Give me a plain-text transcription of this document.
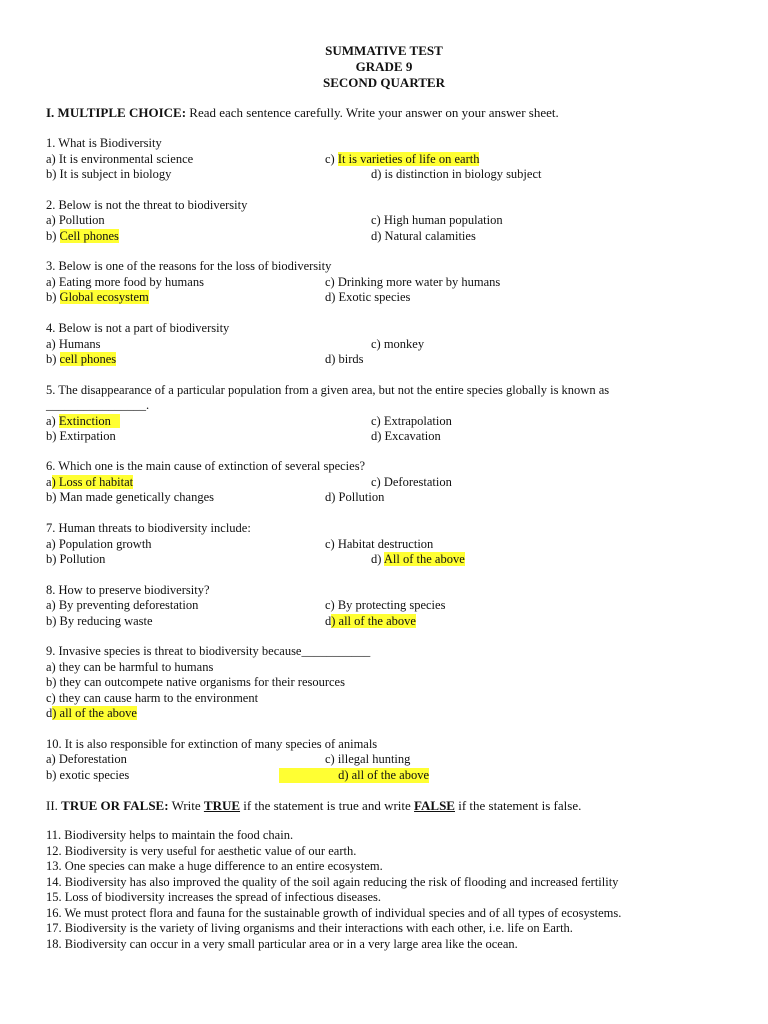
SUMMATIVE TEST
GRADE 9
SECOND QUARTER
I. MULTIPLE CHOICE: Read each sentence carefully. Write your answer on your answer sheet.
1. What is Biodiversity
a) It is environmental science	c) It is varieties of life on earth
b) It is subject in biology	d) is distinction in biology subject
2. Below is not the threat to biodiversity
a) Pollution	c) High human population
b) Cell phones	d) Natural calamities
3. Below is one of the reasons for the loss of biodiversity
a) Eating more food by humans	c) Drinking more water by humans
b) Global ecosystem	d) Exotic species
4. Below is not a part of biodiversity
a) Humans	c) monkey
b) cell phones	d) birds
5. The disappearance of a particular population from a given area, but not the entire species globally is known as
________________.
a) Extinction	c) Extrapolation
b) Extirpation	d) Excavation
6. Which one is the main cause of extinction of several species?
a) Loss of habitat	c) Deforestation
b) Man made genetically changes	d) Pollution
7. Human threats to biodiversity include:
a) Population growth	c) Habitat destruction
b) Pollution	d) All of the above
8. How to preserve biodiversity?
a) By preventing deforestation	c) By protecting species
b) By reducing waste	d) all of the above
9. Invasive species is threat to biodiversity because___________
a) they can be harmful to humans
b) they can outcompete native organisms for their resources
c) they can cause harm to the environment
d) all of the above
10. It is also responsible for extinction of many species of animals
a) Deforestation	c) illegal hunting
b) exotic species	d) all of the above
II. TRUE OR FALSE: Write TRUE if the statement is true and write FALSE if the statement is false.
11. Biodiversity helps to maintain the food chain.
12. Biodiversity is very useful for aesthetic value of our earth.
13. One species can make a huge difference to an entire ecosystem.
14. Biodiversity has also improved the quality of the soil again reducing the risk of flooding and increased fertility
15. Loss of biodiversity increases the spread of infectious diseases.
16. We must protect flora and fauna for the sustainable growth of individual species and of all types of ecosystems.
17. Biodiversity is the variety of living organisms and their interactions with each other, i.e. life on Earth.
18. Biodiversity can occur in a very small particular area or in a very large area like the ocean.
